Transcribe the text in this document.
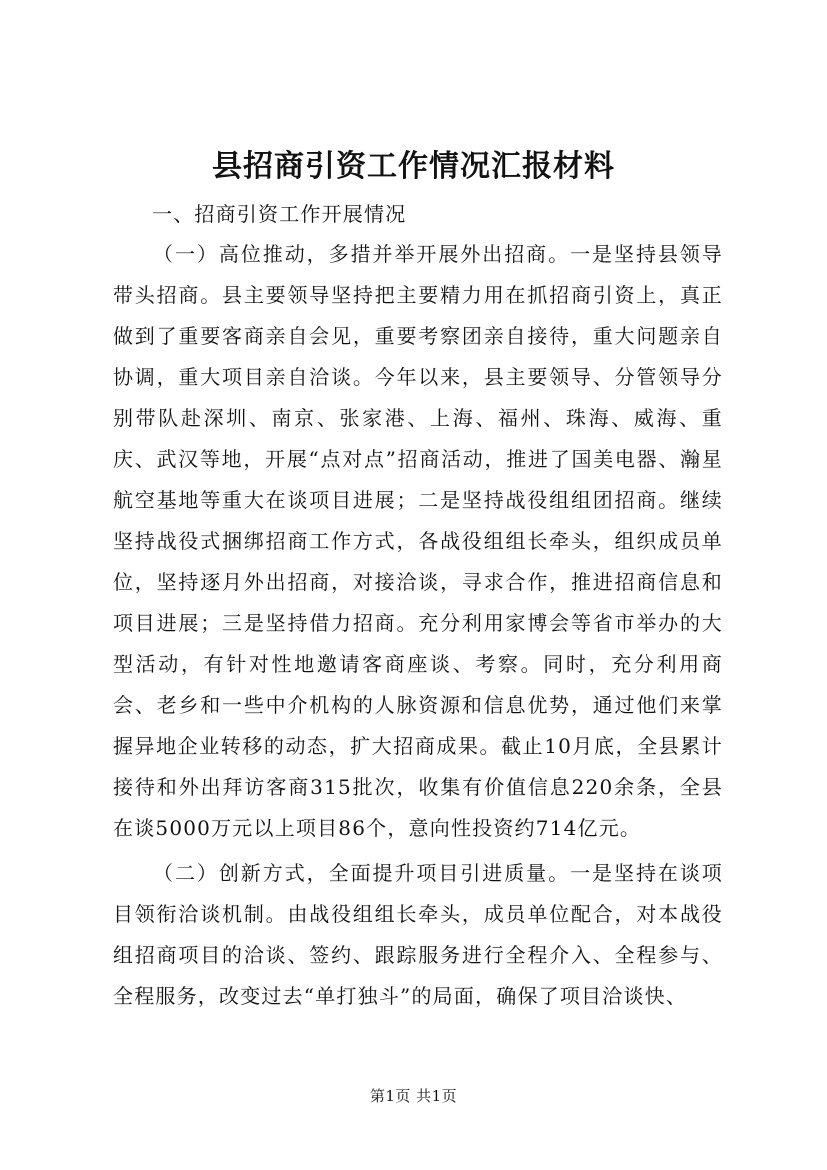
县招商引资工作情况汇报材料
一、招商引资工作开展情况

（一）高位推动，多措并举开展外出招商。一是坚持县领导带头招商。县主要领导坚持把主要精力用在抓招商引资上，真正做到了重要客商亲自会见，重要考察团亲自接待，重大问题亲自协调，重大项目亲自洽谈。今年以来，县主要领导、分管领导分别带队赴深圳、南京、张家港、上海、福州、珠海、威海、重庆、武汉等地，开展“点对点”招商活动，推进了国美电器、瀚星航空基地等重大在谈项目进展；二是坚持战役组组团招商。继续坚持战役式捆绑招商工作方式，各战役组组长牵头，组织成员单位，坚持逐月外出招商，对接洽谈，寻求合作，推进招商信息和项目进展；三是坚持借力招商。充分利用家博会等省市举办的大型活动，有针对性地邀请客商座谈、考察。同时，充分利用商会、老乡和一些中介机构的人脉资源和信息优势，通过他们来掌握异地企业转移的动态，扩大招商成果。截止10月底，全县累计接待和外出拜访客商315批次，收集有价值信息220余条，全县在谈5000万元以上项目86个，意向性投资约714亿元。

（二）创新方式，全面提升项目引进质量。一是坚持在谈项目领衔洽谈机制。由战役组组长牵头，成员单位配合，对本战役组招商项目的洽谈、签约、跟踪服务进行全程介入、全程参与、全程服务，改变过去“单打独斗”的局面，确保了项目洽谈快、

第1页 共1页
